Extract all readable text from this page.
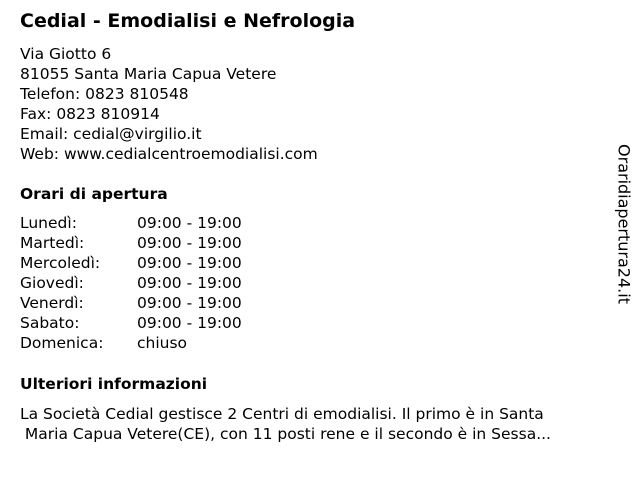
Cedial - Emodialisi e Nefrologia
Via Giotto 6
81055 Santa Maria Capua Vetere
Telefon: 0823 810548
Fax: 0823 810914
Email: cedial@virgilio.it
Web: www.cedialcentroemodialisi.com
Orari di apertura
Lunedì:	09:00 - 19:00
Martedì:	09:00 - 19:00
Mercoledì: 09:00 - 19:00
Giovedì:	09:00 - 19:00
Venerdì:	09:00 - 19:00
Sabato:	09:00 - 19:00
Domenica: chiuso
Ulteriori informazioni
La Società Cedial gestisce 2 Centri di emodialisi. Il primo è in Santa
Maria Capua Vetere(CE), con 11 posti rene e il secondo è in Sessa...
Oraridiapertura24.it
